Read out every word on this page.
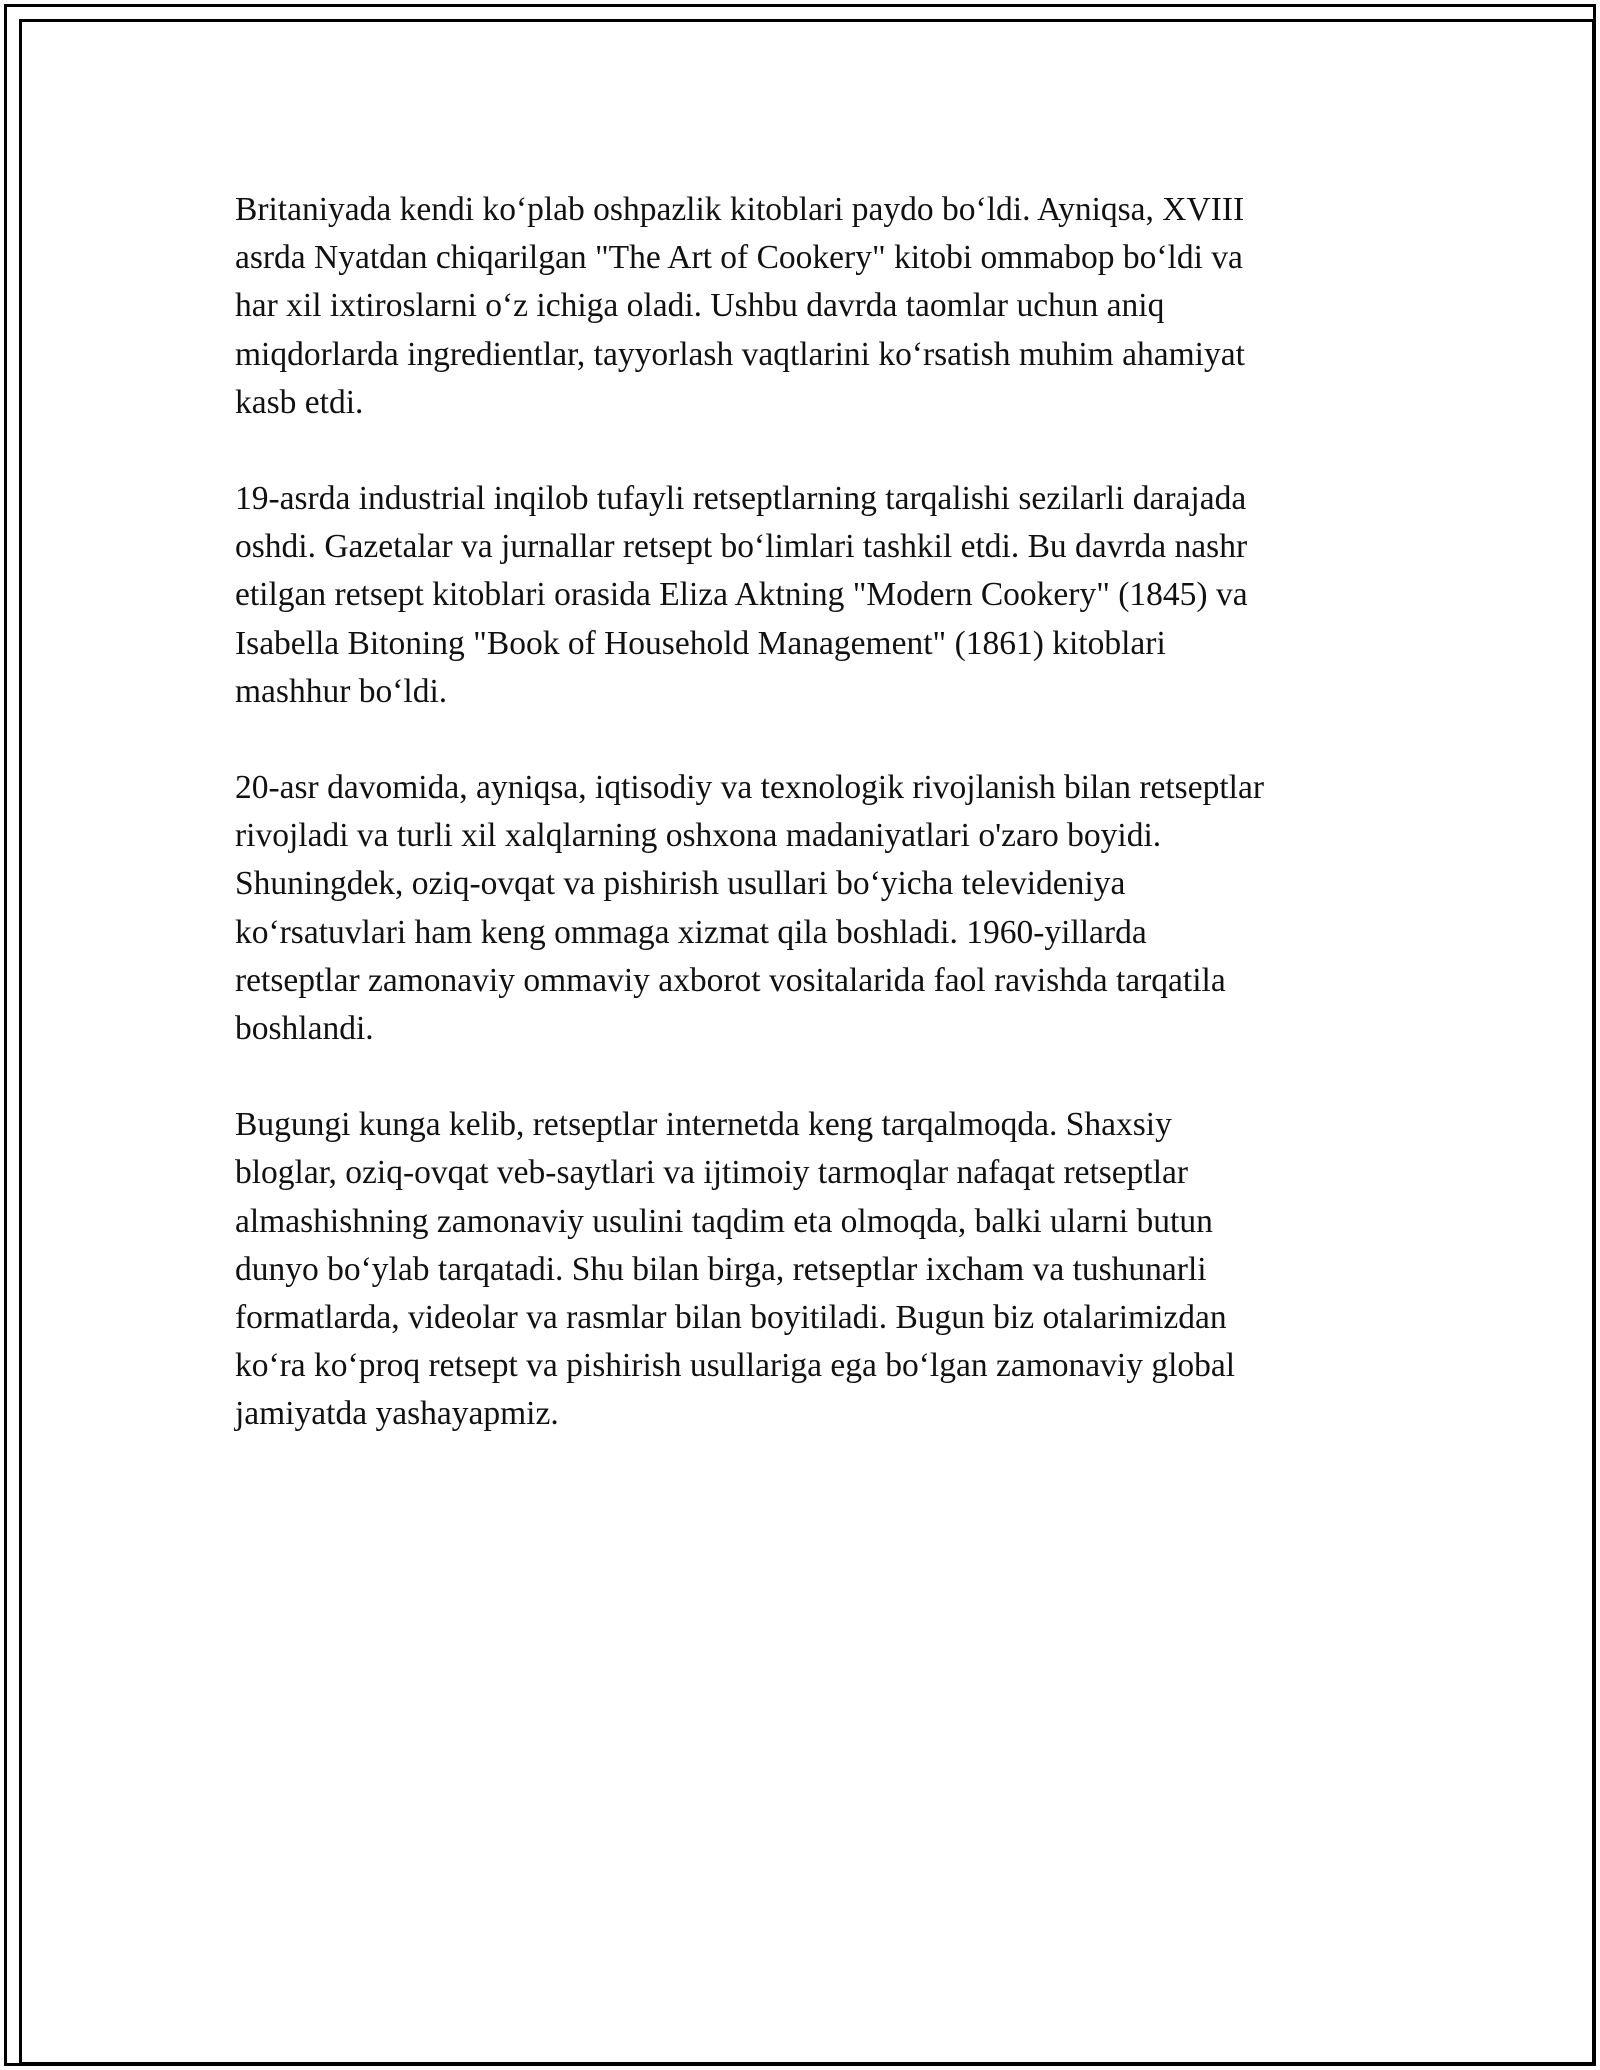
Britaniyada kendi koʻplab oshpazlik kitoblari paydo boʻldi. Ayniqsa, XVIII
asrda Nyatdan chiqarilgan "The Art of Cookery" kitobi ommabop boʻldi va
har xil ixtiroslarni oʻz ichiga oladi. Ushbu davrda taomlar uchun aniq
miqdorlarda ingredientlar, tayyorlash vaqtlarini koʻrsatish muhim ahamiyat
kasb etdi.

19-asrda industrial inqilob tufayli retseptlarning tarqalishi sezilarli darajada
oshdi. Gazetalar va jurnallar retsept boʻlimlari tashkil etdi. Bu davrda nashr
etilgan retsept kitoblari orasida Eliza Aktning "Modern Cookery" (1845) va
Isabella Bitoning "Book of Household Management" (1861) kitoblari
mashhur boʻldi.

20-asr davomida, ayniqsa, iqtisodiy va texnologik rivojlanish bilan retseptlar
rivojladi va turli xil xalqlarning oshxona madaniyatlari o'zaro boyidi.
Shuningdek, oziq-ovqat va pishirish usullari boʻyicha televideniya
koʻrsatuvlari ham keng ommaga xizmat qila boshladi. 1960-yillarda
retseptlar zamonaviy ommaviy axborot vositalarida faol ravishda tarqatila
boshlandi.

Bugungi kunga kelib, retseptlar internetda keng tarqalmoqda. Shaxsiy
bloglar, oziq-ovqat veb-saytlari va ijtimoiy tarmoqlar nafaqat retseptlar
almashishning zamonaviy usulini taqdim eta olmoqda, balki ularni butun
dunyo boʻylab tarqatadi. Shu bilan birga, retseptlar ixcham va tushunarli
formatlarda, videolar va rasmlar bilan boyitiladi. Bugun biz otalarimizdan
koʻra koʻproq retsept va pishirish usullariga ega boʻlgan zamonaviy global
jamiyatda yashayapmiz.
